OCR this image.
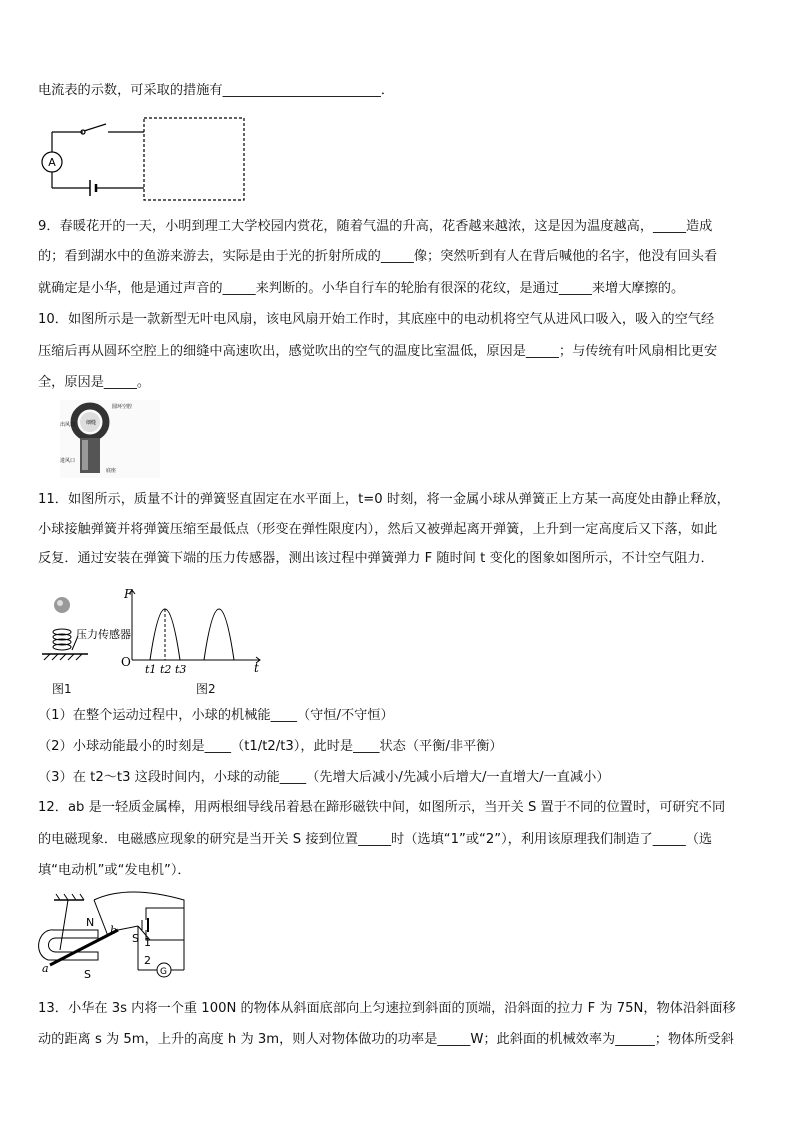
电流表的示数，可采取的措施有________________________．
A
9．春暖花开的一天，小明到理工大学校园内赏花，随着气温的升高，花香越来越浓，这是因为温度越高，_____造成
的；看到湖水中的鱼游来游去，实际是由于光的折射所成的_____像；突然听到有人在背后喊他的名字，他没有回头看
就确定是小华，他是通过声音的_____来判断的。小华自行车的轮胎有很深的花纹，是通过_____来增大摩擦的。
10．如图所示是一款新型无叶电风扇，该电风扇开始工作时，其底座中的电动机将空气从进风口吸入，吸入的空气经
压缩后再从圆环空腔上的细缝中高速吹出，感觉吹出的空气的温度比室温低，原因是_____；与传统有叶风扇相比更安
全，原因是_____。
圆环空腔
出风口 细缝
进风口
底座
11．如图所示，质量不计的弹簧竖直固定在水平面上，t=0 时刻，将一金属小球从弹簧正上方某一高度处由静止释放，
小球接触弹簧并将弹簧压缩至最低点（形变在弹性限度内），然后又被弹起离开弹簧，上升到一定高度后又下落，如此
反复．通过安装在弹簧下端的压力传感器，测出该过程中弹簧弹力 F 随时间 t 变化的图象如图所示，不计空气阻力．
压力传感器
图1
F
O	t
t1 t2 t3
图2
（1）在整个运动过程中，小球的机械能____（守恒/不守恒）
（2）小球动能最小的时刻是____（t1/t2/t3），此时是____状态（平衡/非平衡）
（3）在 t2～t3 这段时间内，小球的动能____（先增大后减小/先减小后增大/一直增大/一直减小）
12．ab 是一轻质金属棒，用两根细导线吊着悬在蹄形磁铁中间，如图所示，当开关 S 置于不同的位置时，可研究不同
的电磁现象．电磁感应现象的研究是当开关 S 接到位置_____时（选填“1”或“2”），利用该原理我们制造了_____（选
填“电动机”或“发电机”）．
N
S
b
a
S 1
2
G
13．小华在 3s 内将一个重 100N 的物体从斜面底部向上匀速拉到斜面的顶端，沿斜面的拉力 F 为 75N，物体沿斜面移
动的距离 s 为 5m，上升的高度 h 为 3m，则人对物体做功的功率是_____W；此斜面的机械效率为______；物体所受斜
